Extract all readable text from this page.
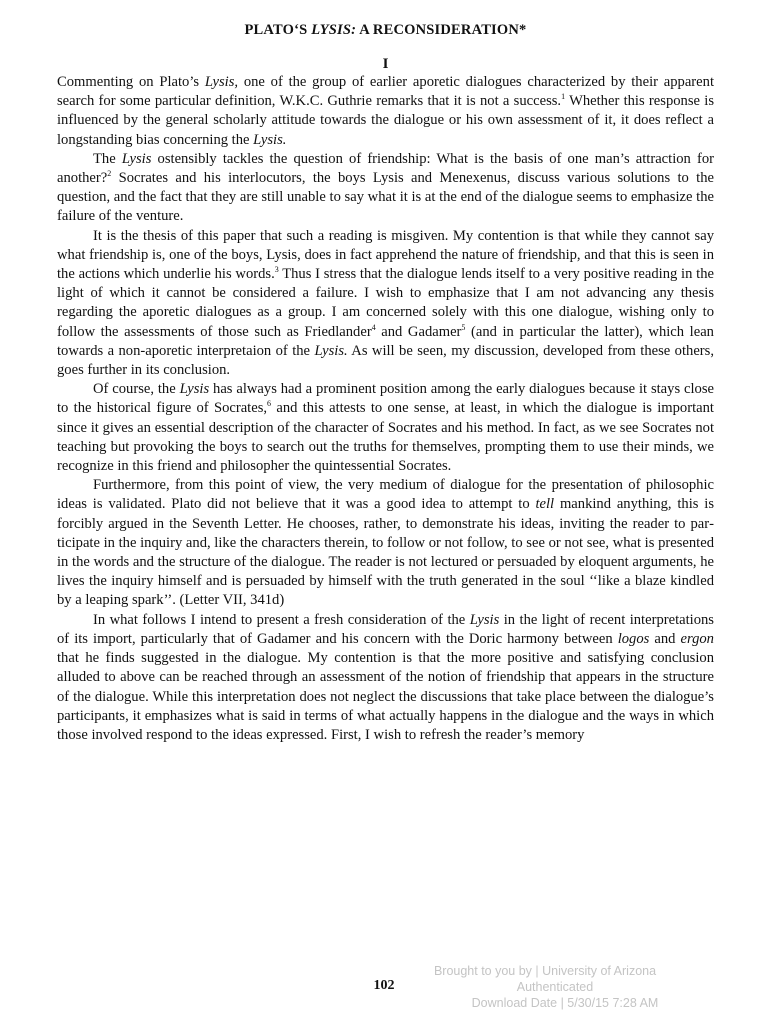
PLATO‘S LYSIS: A RECONSIDERATION*
I

Commenting on Plato’s Lysis, one of the group of earlier aporetic dialogues characterized by their apparent search for some particular definition, W.K.C. Guthrie remarks that it is not a success.$^1$ Whether this response is influenced by the general scholarly attitude towards the dialogue or his own assessment of it, it does reflect a longstanding bias concerning the Lysis.

The Lysis ostensibly tackles the question of friendship: What is the basis of one man’s attraction for another?$^2$ Socrates and his interlocutors, the boys Lysis and Menexenus, discuss various solutions to the question, and the fact that they are still unable to say what it is at the end of the dialogue seems to emphasize the failure of the venture.

It is the thesis of this paper that such a reading is misgiven. My contention is that while they cannot say what friendship is, one of the boys, Lysis, does in fact apprehend the nature of friendship, and that this is seen in the actions which underlie his words.$^3$ Thus I stress that the dialogue lends itself to a very positive reading in the light of which it cannot be considered a failure. I wish to emphasize that I am not advancing any thesis regarding the aporetic dialogues as a group. I am concerned solely with this one dialogue, wishing only to follow the assessments of those such as Friedlander$^4$ and Gadamer$^5$ (and in particular the latter), which lean towards a non-aporetic interpretaion of the Lysis. As will be seen, my discussion, developed from these others, goes further in its conclusion.

Of course, the Lysis has always had a prominent position among the early dialogues because it stays close to the historical figure of Socrates,$^6$ and this attests to one sense, at least, in which the dialogue is important since it gives an essential description of the character of Socrates and his method. In fact, as we see Socrates not teaching but provoking the boys to search out the truths for themselves, prompting them to use their minds, we recognize in this friend and philosopher the quintessential Socrates.

Furthermore, from this point of view, the very medium of dialogue for the presentation of philosophic ideas is validated. Plato did not believe that it was a good idea to attempt to tell mankind anything, this is forcibly argued in the Seventh Letter. He chooses, rather, to demonstrate his ideas, inviting the reader to participate in the inquiry and, like the characters therein, to follow or not follow, to see or not see, what is presented in the words and the structure of the dialogue. The reader is not lectured or persuaded by eloquent arguments, he lives the inquiry himself and is persuaded by himself with the truth generated in the soul ‘‘like a blaze kindled by a leaping spark’’. (Letter VII, 341d)

In what follows I intend to present a fresh consideration of the Lysis in the light of recent interpretations of its import, particularly that of Gadamer and his concern with the Doric harmony between logos and ergon that he finds suggested in the dialogue. My contention is that the more positive and satisfying conclusion alluded to above can be reached through an assessment of the notion of friendship that appears in the structure of the dialogue. While this interpretation does not neglect the discussions that take place between the dialogue’s participants, it emphasizes what is said in terms of what actually happens in the dialogue and the ways in which those involved respond to the ideas expressed. First, I wish to refresh the reader’s memory

102
Brought to you by | University of Arizona
Authenticated
Download Date | 5/30/15 7:28 AM
